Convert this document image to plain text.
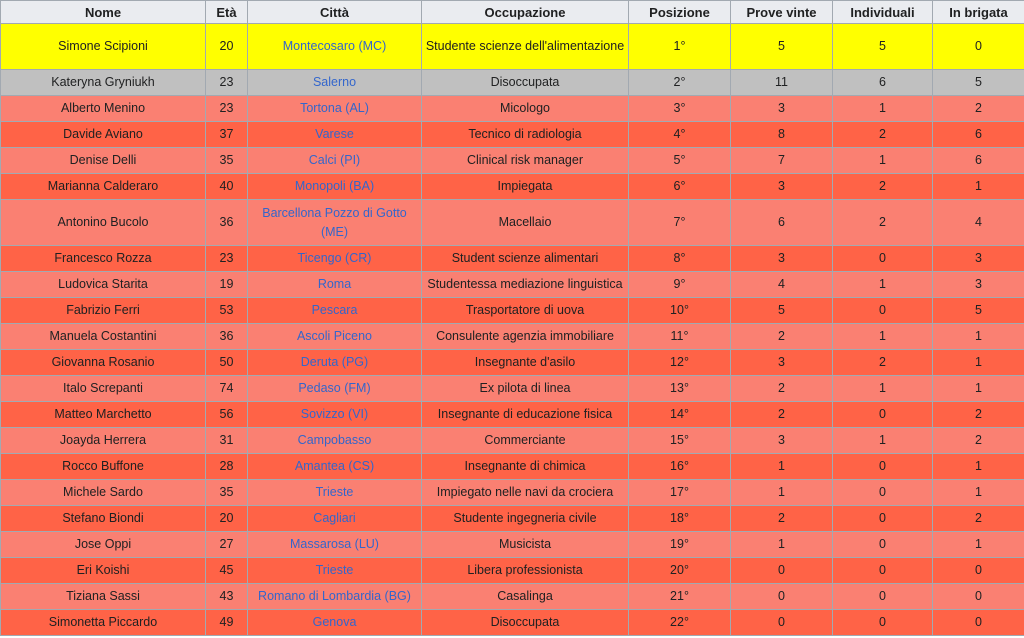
Nome	Età	Città	Occupazione	Posizione	Prove vinte	Individuali	In brigata
Simone Scipioni	20	Montecosaro (MC)	Studente scienze dell'alimentazione	1°	5	5	0
Kateryna Gryniukh	23	Salerno	Disoccupata	2°	11	6	5
Alberto Menino	23	Tortona (AL)	Micologo	3°	3	1	2
Davide Aviano	37	Varese	Tecnico di radiologia	4°	8	2	6
Denise Delli	35	Calci (PI)	Clinical risk manager	5°	7	1	6
Marianna Calderaro	40	Monopoli (BA)	Impiegata	6°	3	2	1
Antonino Bucolo	36	Barcellona Pozzo di Gotto (ME)	Macellaio	7°	6	2	4
Francesco Rozza	23	Ticengo (CR)	Student scienze alimentari	8°	3	0	3
Ludovica Starita	19	Roma	Studentessa mediazione linguistica	9°	4	1	3
Fabrizio Ferri	53	Pescara	Trasportatore di uova	10°	5	0	5
Manuela Costantini	36	Ascoli Piceno	Consulente agenzia immobiliare	11°	2	1	1
Giovanna Rosanio	50	Deruta (PG)	Insegnante d'asilo	12°	3	2	1
Italo Screpanti	74	Pedaso (FM)	Ex pilota di linea	13°	2	1	1
Matteo Marchetto	56	Sovizzo (VI)	Insegnante di educazione fisica	14°	2	0	2
Joayda Herrera	31	Campobasso	Commerciante	15°	3	1	2
Rocco Buffone	28	Amantea (CS)	Insegnante di chimica	16°	1	0	1
Michele Sardo	35	Trieste	Impiegato nelle navi da crociera	17°	1	0	1
Stefano Biondi	20	Cagliari	Studente ingegneria civile	18°	2	0	2
Jose Oppi	27	Massarosa (LU)	Musicista	19°	1	0	1
Eri Koishi	45	Trieste	Libera professionista	20°	0	0	0
Tiziana Sassi	43	Romano di Lombardia (BG)	Casalinga	21°	0	0	0
Simonetta Piccardo	49	Genova	Disoccupata	22°	0	0	0
